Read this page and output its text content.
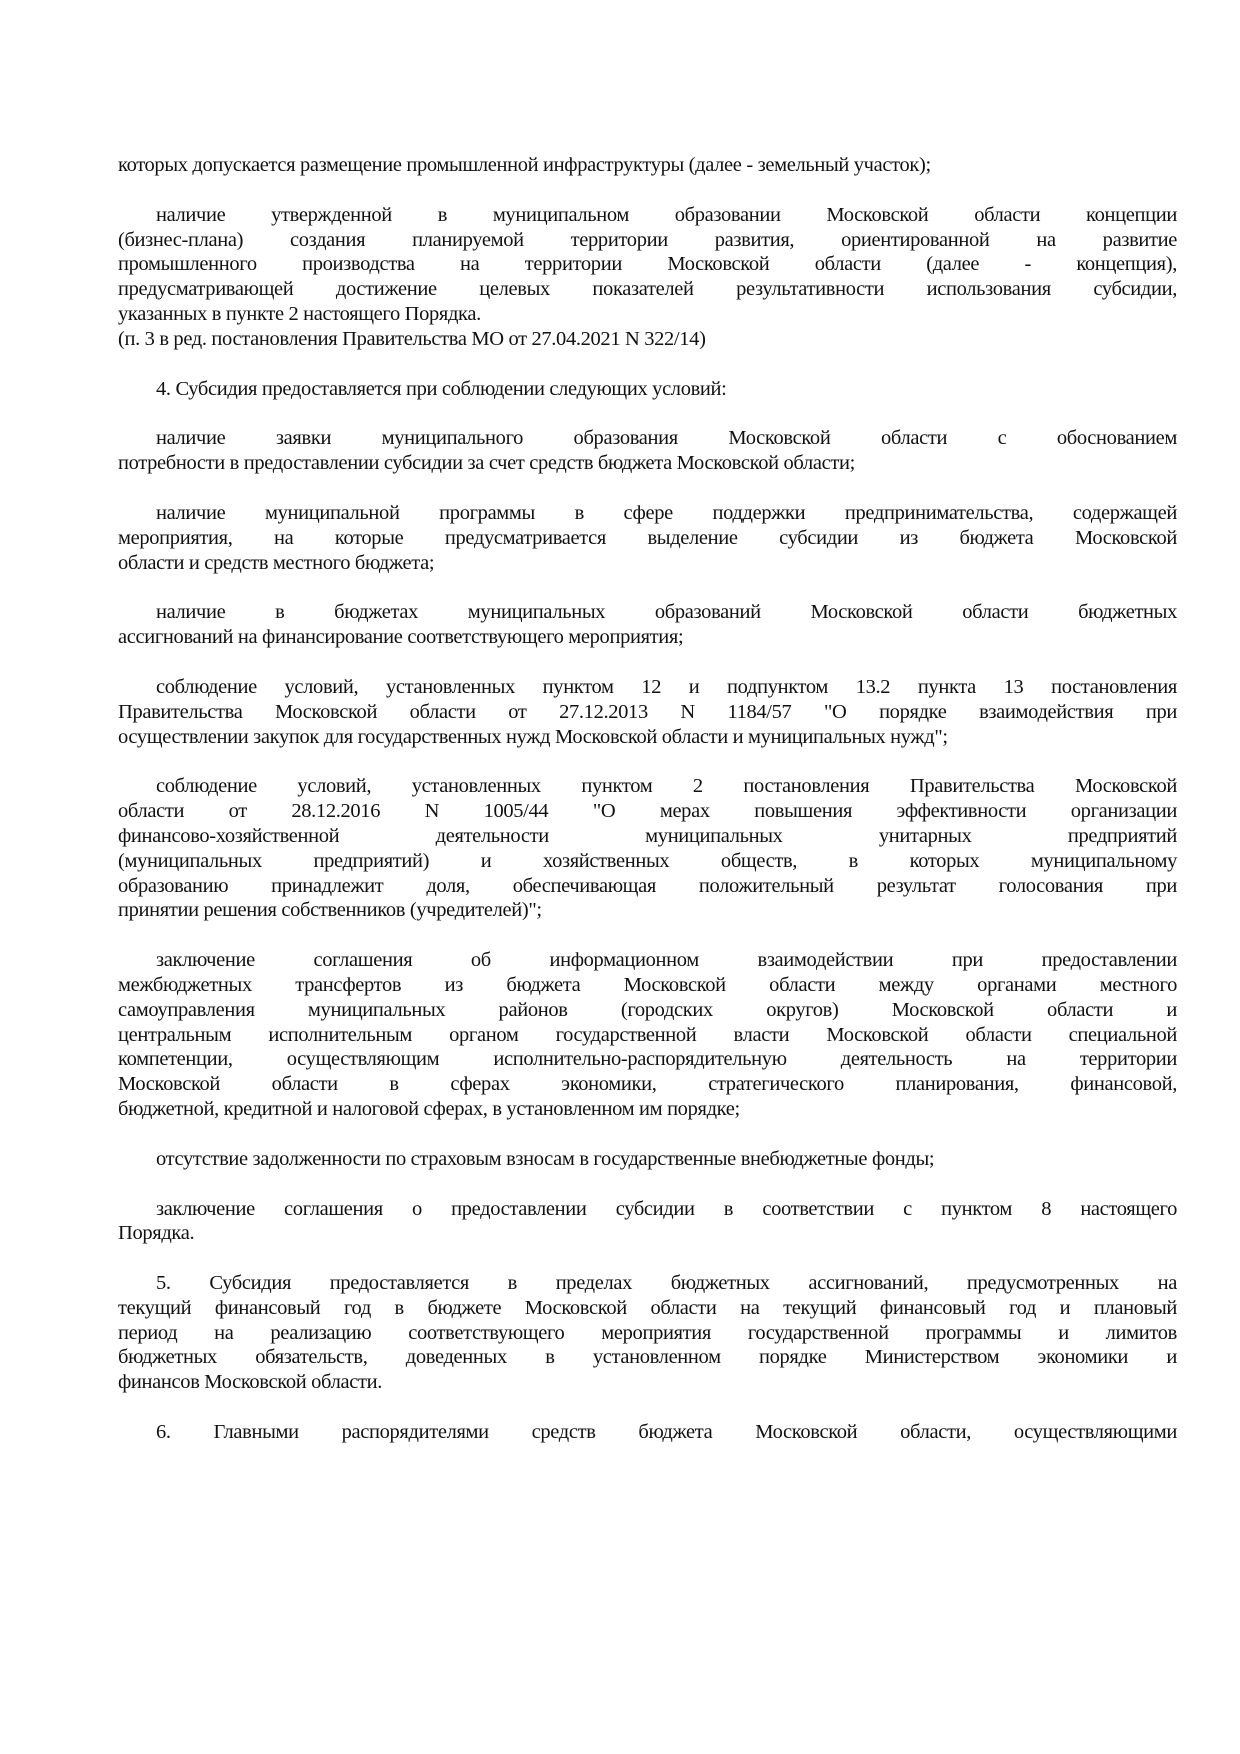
которых допускается размещение промышленной инфраструктуры (далее - земельный участок);
наличие утвержденной в муниципальном образовании Московской области концепции
(бизнес-плана) создания планируемой территории развития, ориентированной на развитие
промышленного производства на территории Московской области (далее - концепция),
предусматривающей достижение целевых показателей результативности использования субсидии,
указанных в пункте 2 настоящего Порядка.
(п. 3 в ред. постановления Правительства МО от 27.04.2021 N 322/14)
4. Субсидия предоставляется при соблюдении следующих условий:
наличие заявки муниципального образования Московской области с обоснованием
потребности в предоставлении субсидии за счет средств бюджета Московской области;
наличие муниципальной программы в сфере поддержки предпринимательства, содержащей
мероприятия, на которые предусматривается выделение субсидии из бюджета Московской
области и средств местного бюджета;
наличие в бюджетах муниципальных образований Московской области бюджетных
ассигнований на финансирование соответствующего мероприятия;
соблюдение условий, установленных пунктом 12 и подпунктом 13.2 пункта 13 постановления
Правительства Московской области от 27.12.2013 N 1184/57 "О порядке взаимодействия при
осуществлении закупок для государственных нужд Московской области и муниципальных нужд";
соблюдение условий, установленных пунктом 2 постановления Правительства Московской
области от 28.12.2016 N 1005/44 "О мерах повышения эффективности организации
финансово-хозяйственной деятельности муниципальных унитарных предприятий
(муниципальных предприятий) и хозяйственных обществ, в которых муниципальному
образованию принадлежит доля, обеспечивающая положительный результат голосования при
принятии решения собственников (учредителей)";
заключение соглашения об информационном взаимодействии при предоставлении
межбюджетных трансфертов из бюджета Московской области между органами местного
самоуправления муниципальных районов (городских округов) Московской области и
центральным исполнительным органом государственной власти Московской области специальной
компетенции, осуществляющим исполнительно-распорядительную деятельность на территории
Московской области в сферах экономики, стратегического планирования, финансовой,
бюджетной, кредитной и налоговой сферах, в установленном им порядке;
отсутствие задолженности по страховым взносам в государственные внебюджетные фонды;
заключение соглашения о предоставлении субсидии в соответствии с пунктом 8 настоящего
Порядка.
5. Субсидия предоставляется в пределах бюджетных ассигнований, предусмотренных на
текущий финансовый год в бюджете Московской области на текущий финансовый год и плановый
период на реализацию соответствующего мероприятия государственной программы и лимитов
бюджетных обязательств, доведенных в установленном порядке Министерством экономики и
финансов Московской области.
6. Главными распорядителями средств бюджета Московской области, осуществляющими
